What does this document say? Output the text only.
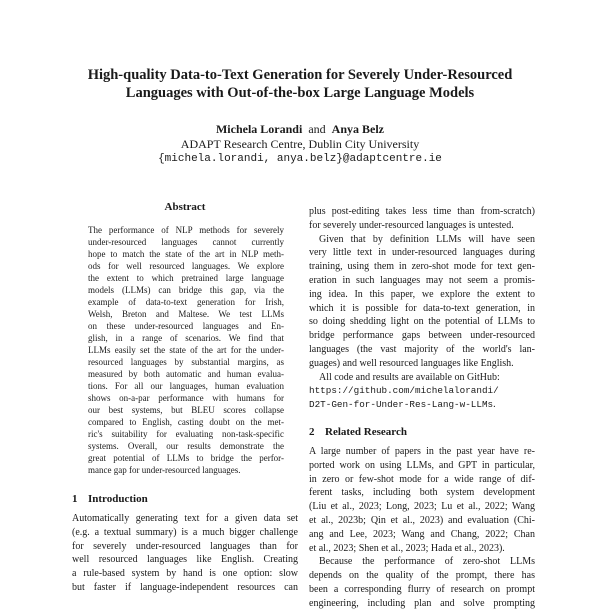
High-quality Data-to-Text Generation for Severely Under-Resourced
Languages with Out-of-the-box Large Language Models
Michela Lorandi and Anya Belz
ADAPT Research Centre, Dublin City University
{michela.lorandi, anya.belz}@adaptcentre.ie
Abstract
The performance of NLP methods for severely
under-resourced languages cannot currently
hope to match the state of the art in NLP meth-
ods for well resourced languages. We explore
the extent to which pretrained large language
models (LLMs) can bridge this gap, via the
example of data-to-text generation for Irish,
Welsh, Breton and Maltese. We test LLMs
on these under-resourced languages and En-
glish, in a range of scenarios. We find that
LLMs easily set the state of the art for the under-
resourced languages by substantial margins, as
measured by both automatic and human evalua-
tions. For all our languages, human evaluation
shows on-a-par performance with humans for
our best systems, but BLEU scores collapse
compared to English, casting doubt on the met-
ric's suitability for evaluating non-task-specific
systems. Overall, our results demonstrate the
great potential of LLMs to bridge the perfor-
mance gap for under-resourced languages.
1 Introduction
Automatically generating text for a given data set
(e.g. a textual summary) is a much bigger challenge
for severely under-resourced languages than for
well resourced languages like English. Creating
a rule-based system by hand is one option: slow
but faster if language-independent resources can
plus post-editing takes less time than from-scratch)
for severely under-resourced languages is untested.
Given that by definition LLMs will have seen
very little text in under-resourced languages during
training, using them in zero-shot mode for text gen-
eration in such languages may not seem a promis-
ing idea. In this paper, we explore the extent to
which it is possible for data-to-text generation, in
so doing shedding light on the potential of LLMs to
bridge performance gaps between under-resourced
languages (the vast majority of the world's lan-
guages) and well resourced languages like English.
All code and results are available on GitHub:
https://github.com/michelalorandi/
D2T-Gen-for-Under-Res-Lang-w-LLMs.
2 Related Research
A large number of papers in the past year have re-
ported work on using LLMs, and GPT in particular,
in zero or few-shot mode for a wide range of dif-
ferent tasks, including both system development
(Liu et al., 2023; Long, 2023; Lu et al., 2022; Wang
et al., 2023b; Qin et al., 2023) and evaluation (Chi-
ang and Lee, 2023; Wang and Chang, 2022; Chan
et al., 2023; Shen et al., 2023; Hada et al., 2023).
Because the performance of zero-shot LLMs
depends on the quality of the prompt, there has
been a corresponding flurry of research on prompt
engineering, including plan and solve prompting
